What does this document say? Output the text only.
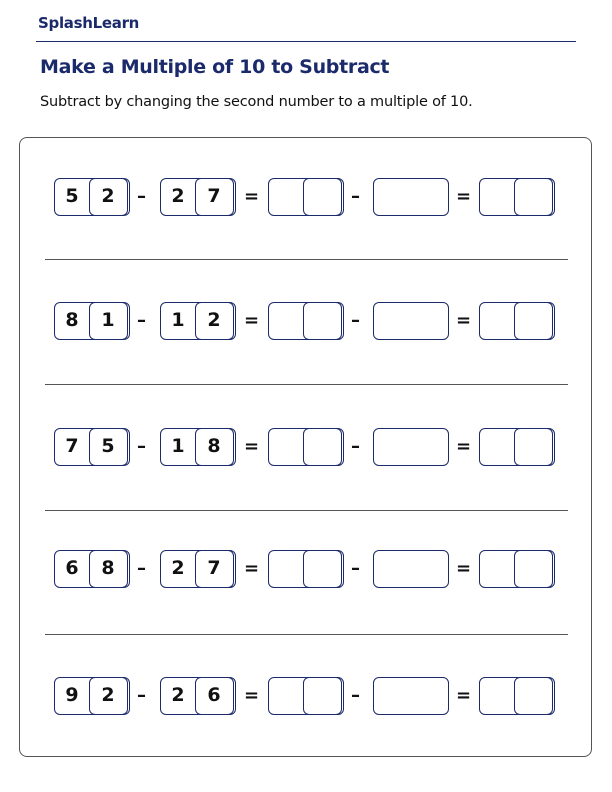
SplashLearn
Make a Multiple of 10 to Subtract
Subtract by changing the second number to a multiple of 10.
5	2	–	2	7	=	–	=
8	1	–	1	2	=	–	=
7	5	–	1	8	=	–	=
6	8	–	2	7	=	–	=
9	2	–	2	6	=	–	=
